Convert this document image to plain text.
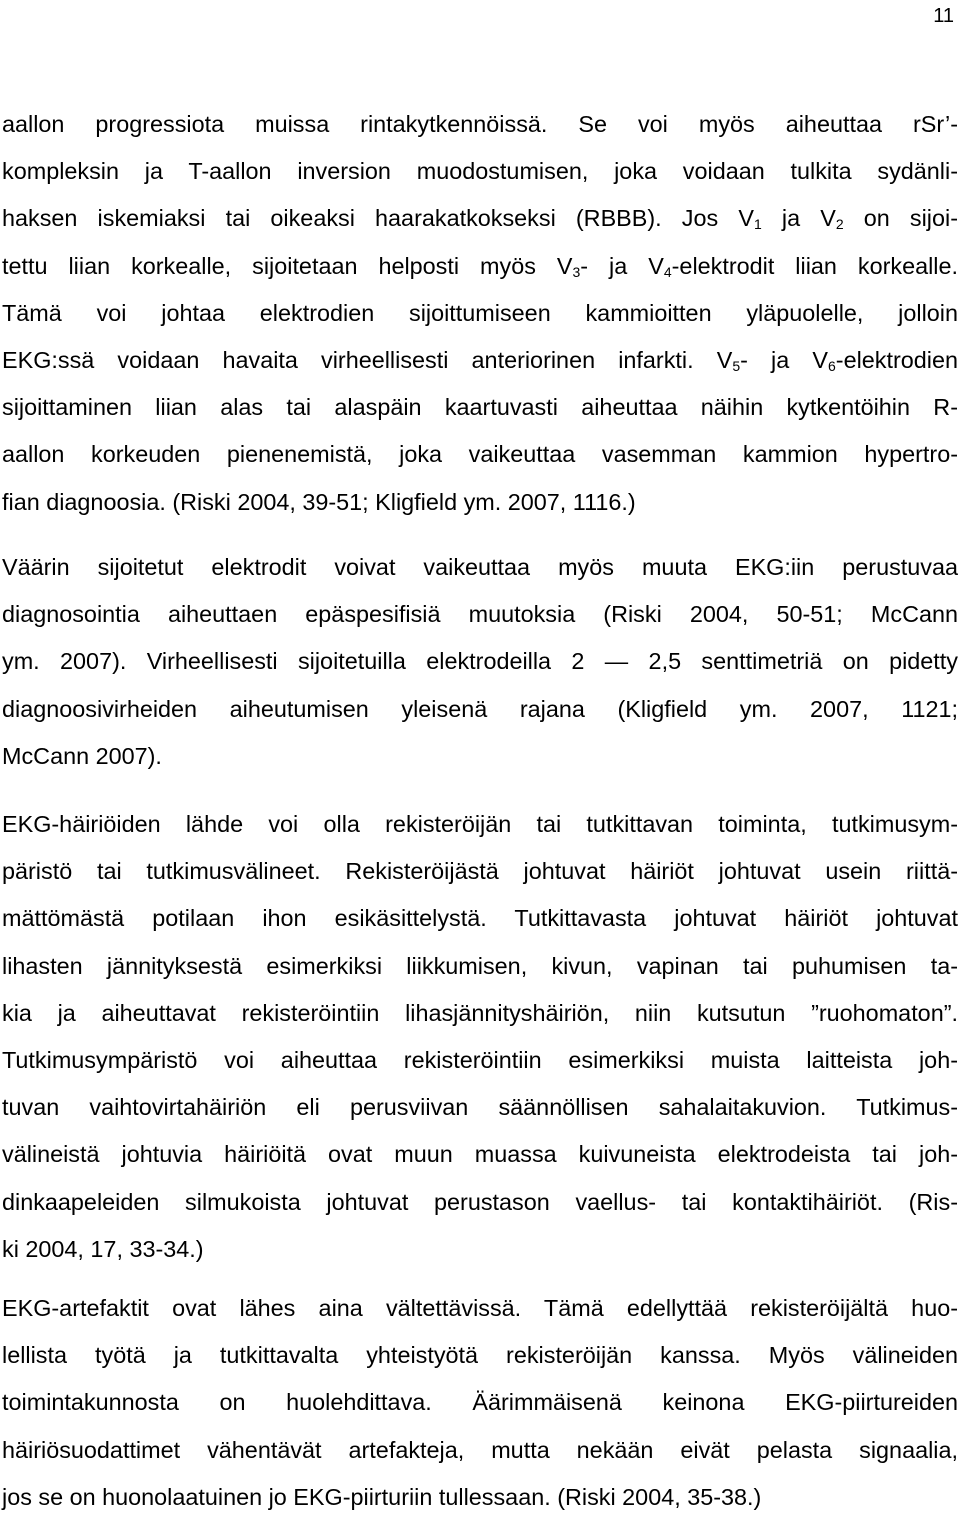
11

aallon progressiota muissa rintakytkennöissä. Se voi myös aiheuttaa rSr’-
kompleksin ja T-aallon inversion muodostumisen, joka voidaan tulkita sydänli-
haksen iskemiaksi tai oikeaksi haarakatkokseksi (RBBB). Jos $V_1$ ja $V_2$ on sijoi-
tettu liian korkealle, sijoitetaan helposti myös $V_3-$ ja $V_4$-elektrodit liian korkealle.
Tämä voi johtaa elektrodien sijoittumiseen kammioitten yläpuolelle, jolloin
EKG:ssä voidaan havaita virheellisesti anteriorinen infarkti. $V_5-$ ja $V_6$-elektrodien
sijoittaminen liian alas tai alaspäin kaartuvasti aiheuttaa näihin kytkentöihin R-
aallon korkeuden pienenemistä, joka vaikeuttaa vasemman kammion hypertro-
fian diagnoosia. (Riski 2004, 39-51; Kligfield ym. 2007, 1116.)

Väärin sijoitetut elektrodit voivat vaikeuttaa myös muuta EKG:iin perustuvaa
diagnosointia aiheuttaen epäspesifisiä muutoksia (Riski 2004, 50-51; McCann
ym. 2007). Virheellisesti sijoitetuilla elektrodeilla 2 — 2,5 senttimetriä on pidetty
diagnoosivirheiden aiheutumisen yleisenä rajana (Kligfield ym. 2007, 1121;
McCann 2007).

EKG-häiriöiden lähde voi olla rekisteröijän tai tutkittavan toiminta, tutkimusym-
päristö tai tutkimusvälineet. Rekisteröijästä johtuvat häiriöt johtuvat usein riittä-
mättömästä potilaan ihon esikäsittelystä. Tutkittavasta johtuvat häiriöt johtuvat
lihasten jännityksestä esimerkiksi liikkumisen, kivun, vapinan tai puhumisen ta-
kia ja aiheuttavat rekisteröintiin lihasjännityshäiriön, niin kutsutun ”ruohomaton”.
Tutkimusympäristö voi aiheuttaa rekisteröintiin esimerkiksi muista laitteista joh-
tuvan vaihtovirtahäiriön eli perusviivan säännöllisen sahalaitakuvion. Tutkimus-
välineistä johtuvia häiriöitä ovat muun muassa kuivuneista elektrodeista tai joh-
dinkaapeleiden silmukoista johtuvat perustason vaellus- tai kontaktihäiriöt. (Ris-
ki 2004, 17, 33-34.)

EKG-artefaktit ovat lähes aina vältettävissä. Tämä edellyttää rekisteröijältä huo-
lellista työtä ja tutkittavalta yhteistyötä rekisteröijän kanssa. Myös välineiden
toimintakunnosta on huolehdittava. Äärimmäisenä keinona EKG-piirtureiden
häiriösuodattimet vähentävät artefakteja, mutta nekään eivät pelasta signaalia,
jos se on huonolaatuinen jo EKG-piirturiin tullessaan. (Riski 2004, 35-38.)
